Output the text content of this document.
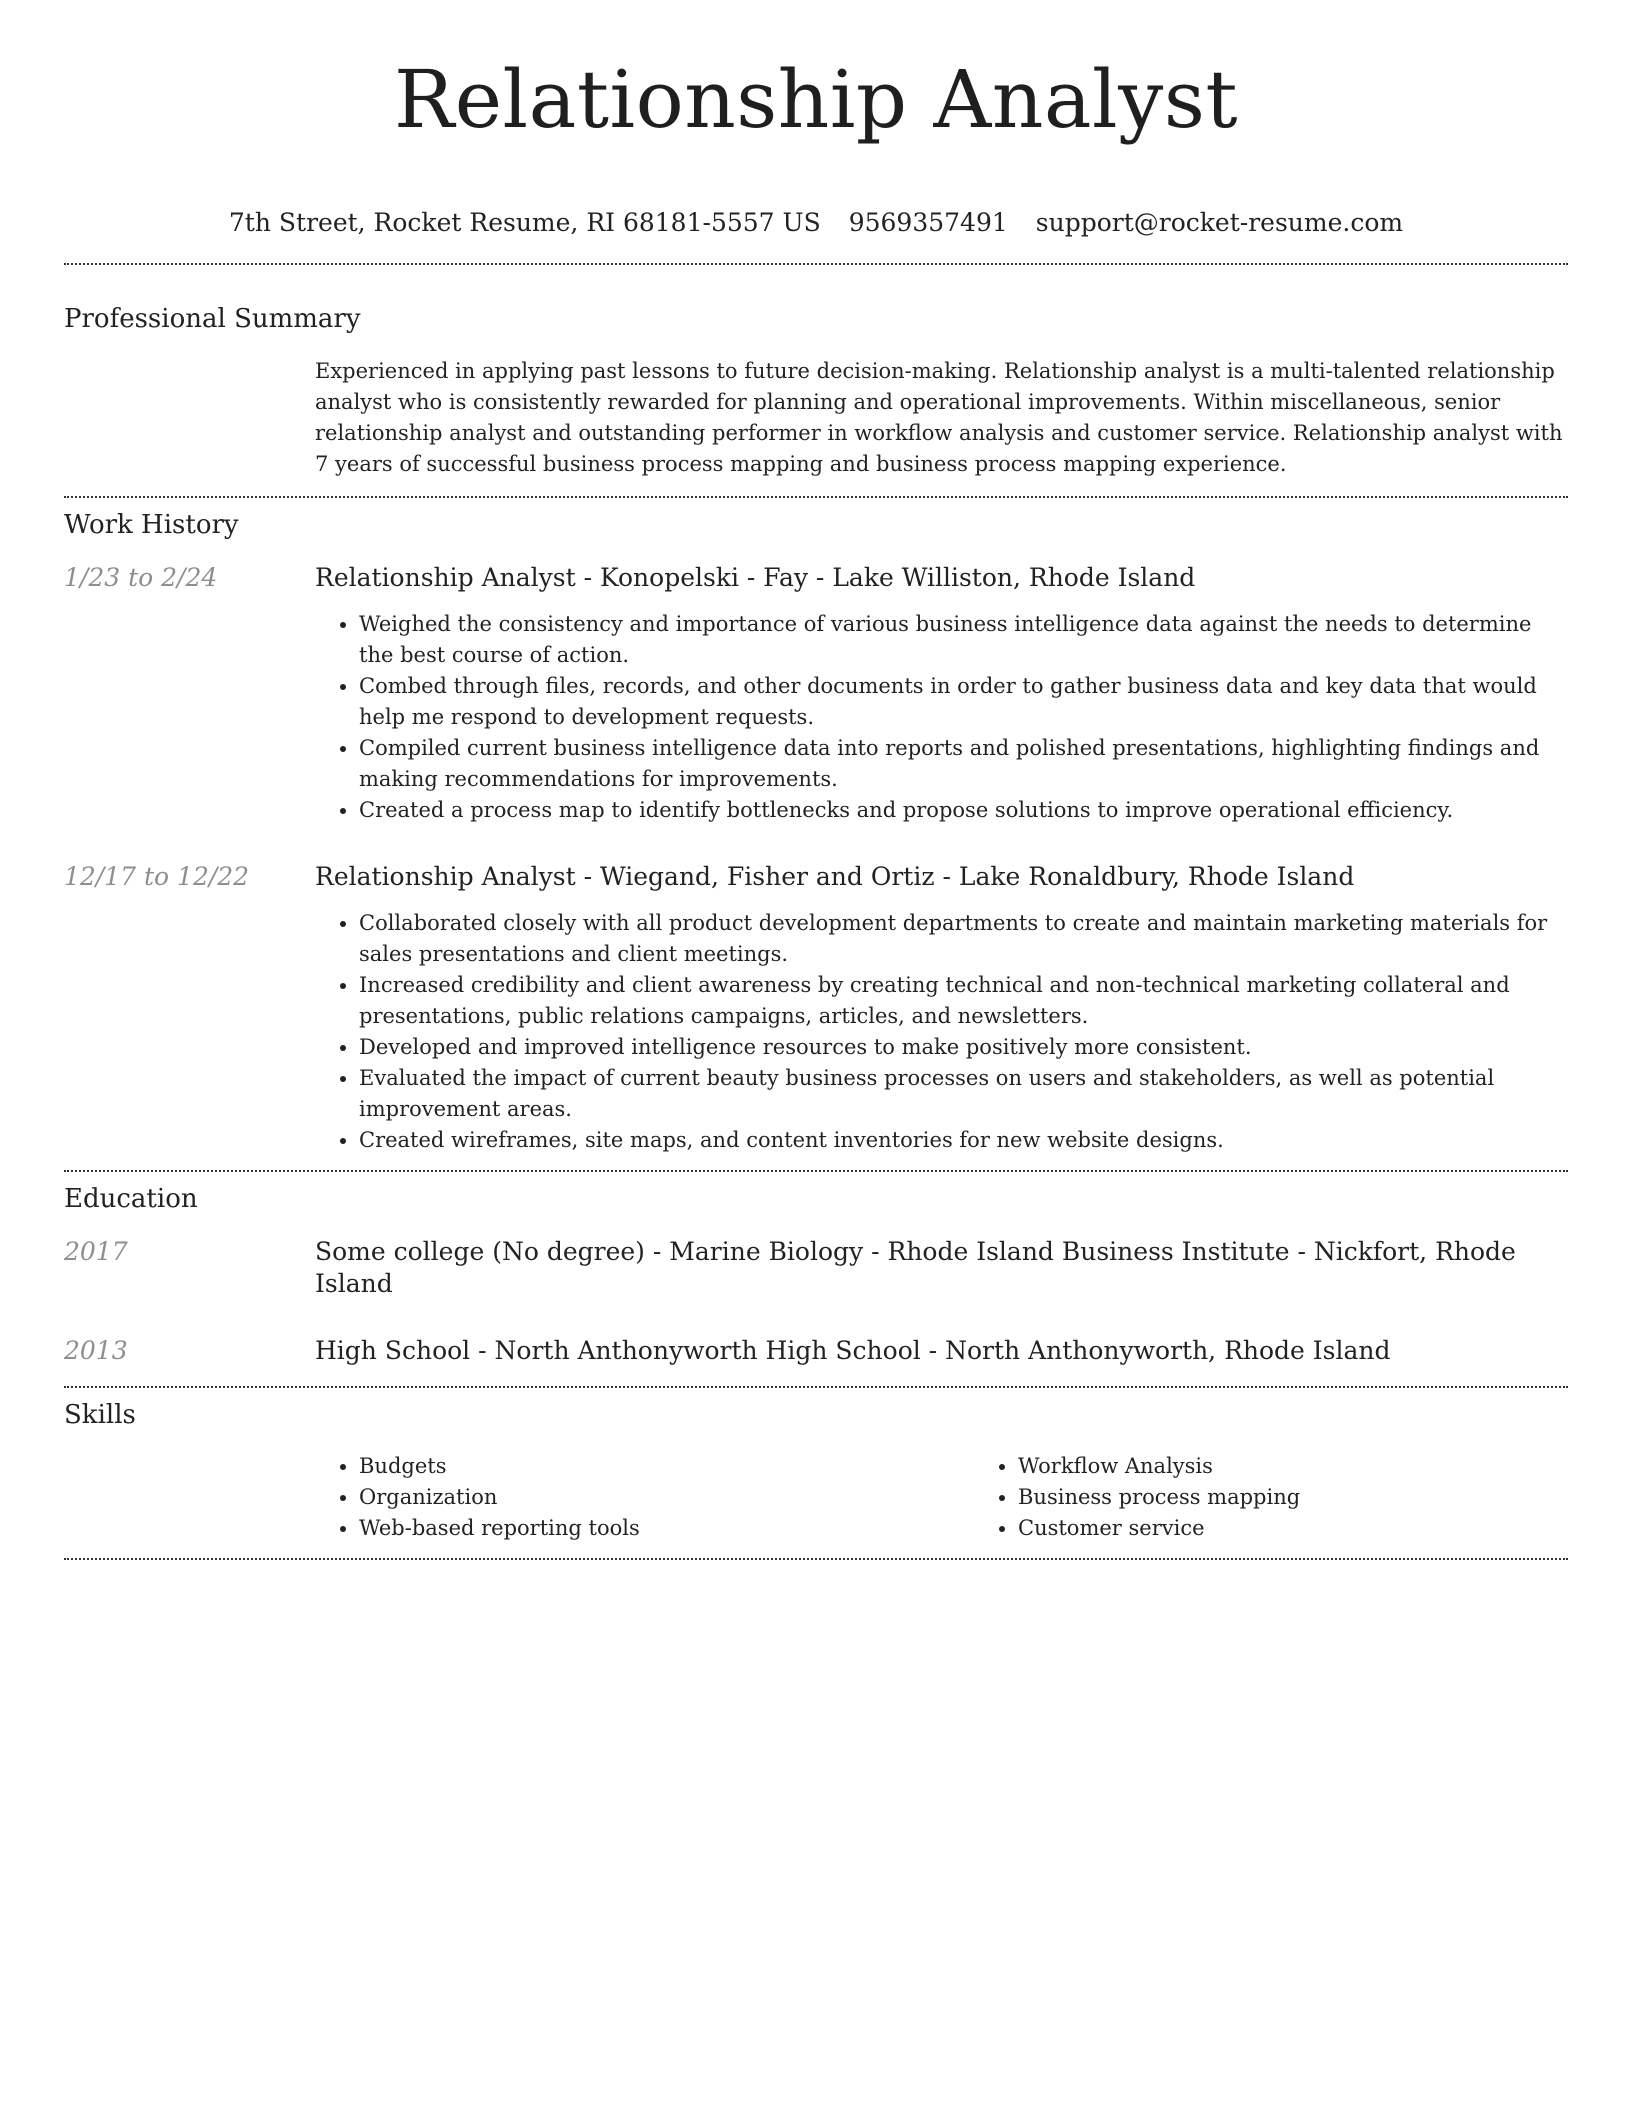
Relationship Analyst
7th Street, Rocket Resume, RI 68181-5557 US 9569357491 support@rocket-resume.com
Professional Summary
Experienced in applying past lessons to future decision-making. Relationship analyst is a multi-talented relationship analyst who is consistently rewarded for planning and operational improvements. Within miscellaneous, senior relationship analyst and outstanding performer in workflow analysis and customer service. Relationship analyst with 7 years of successful business process mapping and business process mapping experience.
Work History
1/23 to 2/24	Relationship Analyst - Konopelski - Fay - Lake Williston, Rhode Island
• Weighed the consistency and importance of various business intelligence data against the needs to determine the best course of action.
• Combed through files, records, and other documents in order to gather business data and key data that would help me respond to development requests.
• Compiled current business intelligence data into reports and polished presentations, highlighting findings and making recommendations for improvements.
• Created a process map to identify bottlenecks and propose solutions to improve operational efficiency.
12/17 to 12/22	Relationship Analyst - Wiegand, Fisher and Ortiz - Lake Ronaldbury, Rhode Island
• Collaborated closely with all product development departments to create and maintain marketing materials for sales presentations and client meetings.
• Increased credibility and client awareness by creating technical and non-technical marketing collateral and presentations, public relations campaigns, articles, and newsletters.
• Developed and improved intelligence resources to make positively more consistent.
• Evaluated the impact of current beauty business processes on users and stakeholders, as well as potential improvement areas.
• Created wireframes, site maps, and content inventories for new website designs.
Education
2017	Some college (No degree) - Marine Biology - Rhode Island Business Institute - Nickfort, Rhode Island
2013	High School - North Anthonyworth High School - North Anthonyworth, Rhode Island
Skills
• Budgets
• Organization
• Web-based reporting tools
• Workflow Analysis
• Business process mapping
• Customer service
